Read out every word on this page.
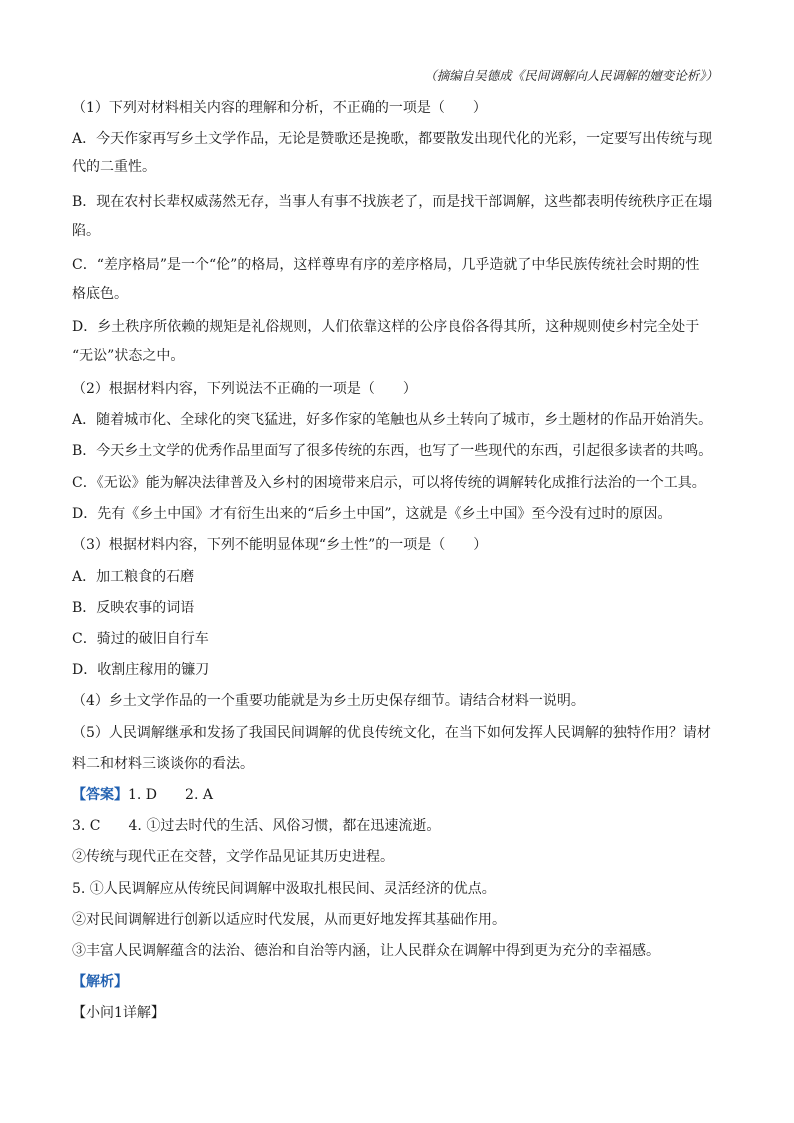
（摘编自吴德成《民间调解向人民调解的嬗变论析》）
（1）下列对材料相关内容的理解和分析，不正确的一项是（　　）
A．今天作家再写乡土文学作品，无论是赞歌还是挽歌，都要散发出现代化的光彩，一定要写出传统与现
代的二重性。
B．现在农村长辈权威荡然无存，当事人有事不找族老了，而是找干部调解，这些都表明传统秩序正在塌
陷。
C．“差序格局”是一个“伦”的格局，这样尊卑有序的差序格局，几乎造就了中华民族传统社会时期的性
格底色。
D．乡土秩序所依赖的规矩是礼俗规则，人们依靠这样的公序良俗各得其所，这种规则使乡村完全处于
“无讼”状态之中。
（2）根据材料内容，下列说法不正确的一项是（　　）
A．随着城市化、全球化的突飞猛进，好多作家的笔触也从乡土转向了城市，乡土题材的作品开始消失。
B．今天乡土文学的优秀作品里面写了很多传统的东西，也写了一些现代的东西，引起很多读者的共鸣。
C．《无讼》能为解决法律普及入乡村的困境带来启示，可以将传统的调解转化成推行法治的一个工具。
D．先有《乡土中国》才有衍生出来的“后乡土中国”，这就是《乡土中国》至今没有过时的原因。
（3）根据材料内容，下列不能明显体现“乡土性”的一项是（　　）
A．加工粮食的石磨
B．反映农事的词语
C．骑过的破旧自行车
D．收割庄稼用的镰刀
（4）乡土文学作品的一个重要功能就是为乡土历史保存细节。请结合材料一说明。
（5）人民调解继承和发扬了我国民间调解的优良传统文化，在当下如何发挥人民调解的独特作用？请材
料二和材料三谈谈你的看法。
【答案】1. D　　2. A
3. C　　4. ①过去时代的生活、风俗习惯，都在迅速流逝。
②传统与现代正在交替，文学作品见证其历史进程。
5. ①人民调解应从传统民间调解中汲取扎根民间、灵活经济的优点。
②对民间调解进行创新以适应时代发展，从而更好地发挥其基础作用。
③丰富人民调解蕴含的法治、德治和自治等内涵，让人民群众在调解中得到更为充分的幸福感。
【解析】
【小问1详解】
